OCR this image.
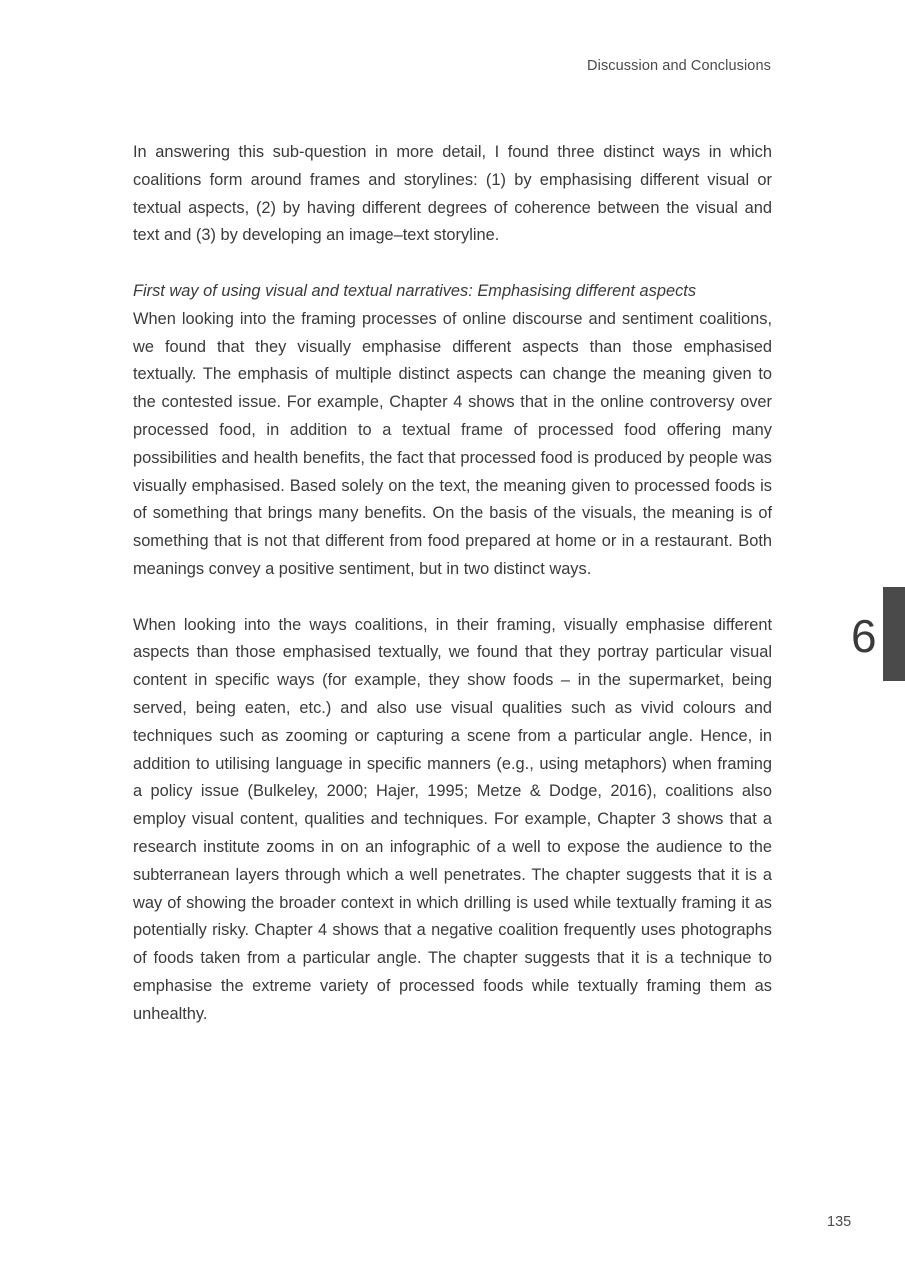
Discussion and Conclusions

In answering this sub-question in more detail, I found three distinct ways in which coalitions form around frames and storylines: (1) by emphasising different visual or textual aspects, (2) by having different degrees of coherence between the visual and text and (3) by developing an image–text storyline.

First way of using visual and textual narratives: Emphasising different aspects

When looking into the framing processes of online discourse and sentiment coalitions, we found that they visually emphasise different aspects than those emphasised textually. The emphasis of multiple distinct aspects can change the meaning given to the contested issue. For example, Chapter 4 shows that in the online controversy over processed food, in addition to a textual frame of processed food offering many possibilities and health benefits, the fact that processed food is produced by people was visually emphasised. Based solely on the text, the meaning given to processed foods is of something that brings many benefits. On the basis of the visuals, the meaning is of something that is not that different from food prepared at home or in a restaurant. Both meanings convey a positive sentiment, but in two distinct ways.

When looking into the ways coalitions, in their framing, visually emphasise different aspects than those emphasised textually, we found that they portray particular visual content in specific ways (for example, they show foods – in the supermarket, being served, being eaten, etc.) and also use visual qualities such as vivid colours and techniques such as zooming or capturing a scene from a particular angle. Hence, in addition to utilising language in specific manners (e.g., using metaphors) when framing a policy issue (Bulkeley, 2000; Hajer, 1995; Metze & Dodge, 2016), coalitions also employ visual content, qualities and techniques. For example, Chapter 3 shows that a research institute zooms in on an infographic of a well to expose the audience to the subterranean layers through which a well penetrates. The chapter suggests that it is a way of showing the broader context in which drilling is used while textually framing it as potentially risky. Chapter 4 shows that a negative coalition frequently uses photographs of foods taken from a particular angle. The chapter suggests that it is a technique to emphasise the extreme variety of processed foods while textually framing them as unhealthy.

6
135
